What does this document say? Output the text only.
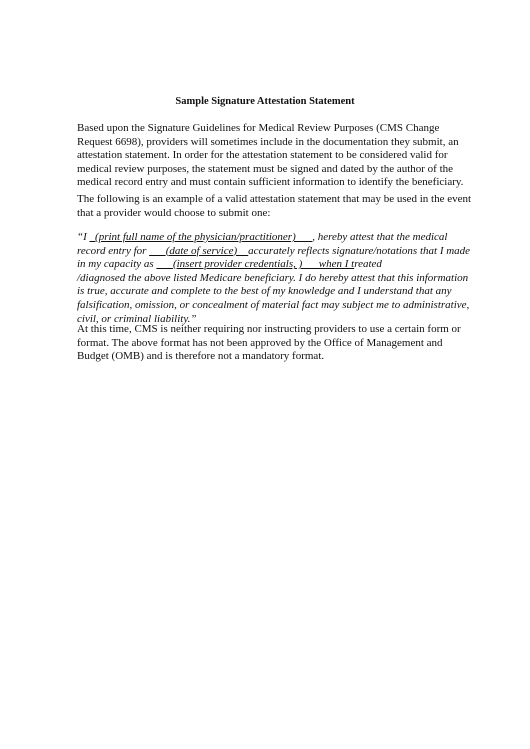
Sample Signature Attestation Statement

Based upon the Signature Guidelines for Medical Review Purposes (CMS Change
Request 6698), providers will sometimes include in the documentation they submit, an
attestation statement. In order for the attestation statement to be considered valid for
medical review purposes, the statement must be signed and dated by the author of the
medical record entry and must contain sufficient information to identify the beneficiary.

The following is an example of a valid attestation statement that may be used in the event
that a provider would choose to submit one:

“I _(print full name of the physician/practitioner)___, hereby attest that the medical
record entry for ___(date of service)__accurately reflects signature/notations that I made
in my capacity as ___(insert provider credentials, )___when I treated
/diagnosed the above listed Medicare beneficiary. I do hereby attest that this information
is true, accurate and complete to the best of my knowledge and I understand that any
falsification, omission, or concealment of material fact may subject me to administrative,
civil, or criminal liability.”

At this time, CMS is neither requiring nor instructing providers to use a certain form or
format. The above format has not been approved by the Office of Management and
Budget (OMB) and is therefore not a mandatory format.
